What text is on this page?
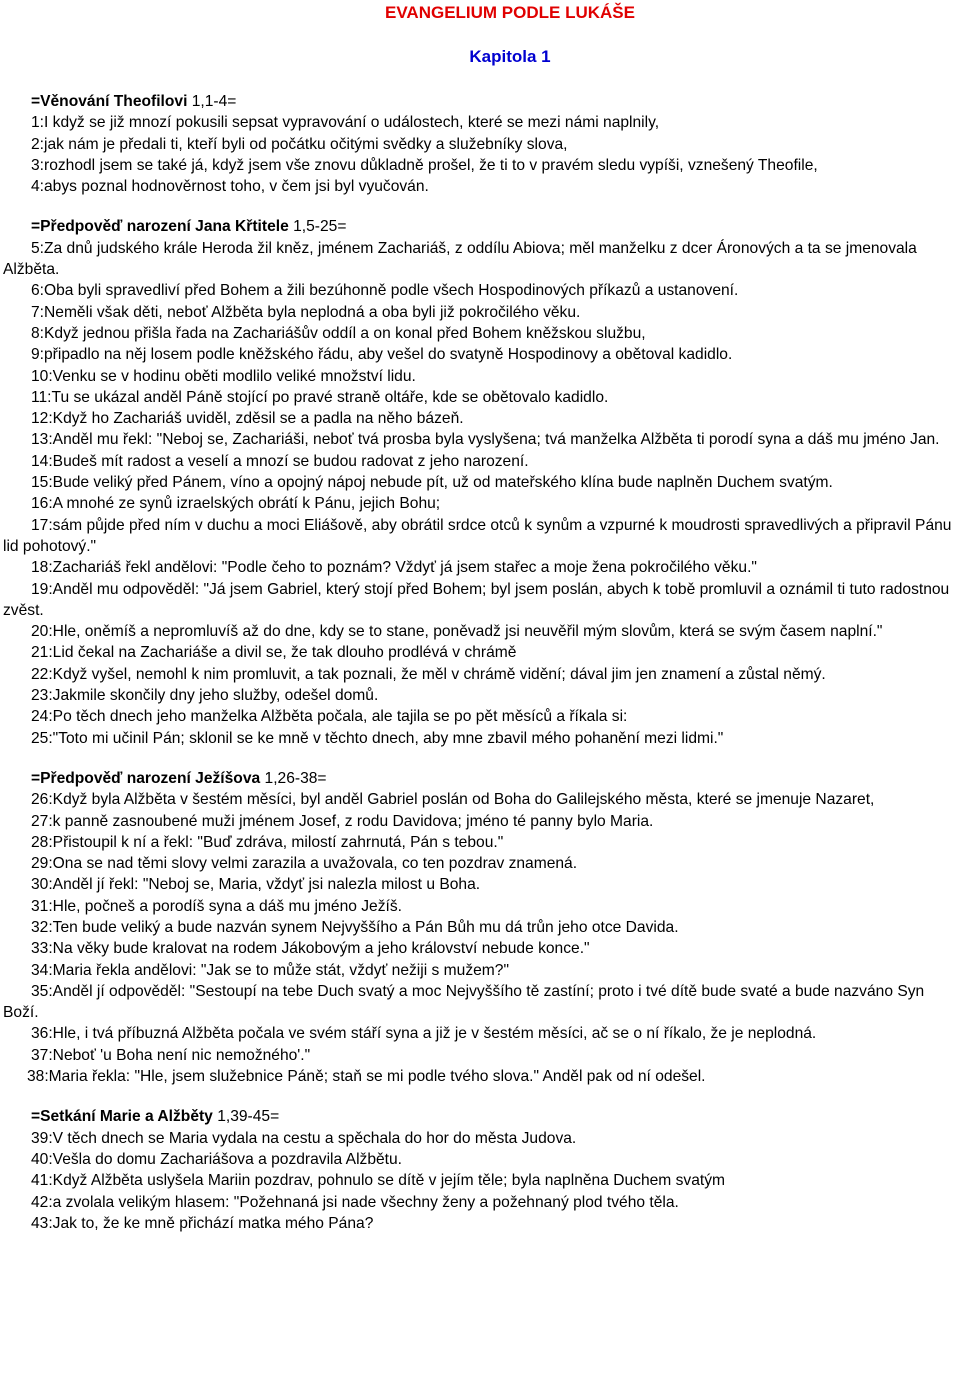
EVANGELIUM PODLE LUKÁŠE
Kapitola 1
=Věnování Theofilovi 1,1-4=
1:I když se již mnozí pokusili sepsat vypravování o událostech, které se mezi námi naplnily,
2:jak nám je předali ti, kteří byli od počátku očitými svědky a služebníky slova,
3:rozhodl jsem se také já, když jsem vše znovu důkladně prošel, že ti to v pravém sledu vypíši, vznešený Theofile,
4:abys poznal hodnověrnost toho, v čem jsi byl vyučován.
=Předpověď narození Jana Křtitele 1,5-25=
5:Za dnů judského krále Heroda žil kněz, jménem Zachariáš, z oddílu Abiova; měl manželku z dcer Áronových a ta se jmenovala Alžběta.
6:Oba byli spravedliví před Bohem a žili bezúhonně podle všech Hospodinových příkazů a ustanovení.
7:Neměli však děti, neboť Alžběta byla neplodná a oba byli již pokročilého věku.
8:Když jednou přišla řada na Zachariášův oddíl a on konal před Bohem kněžskou službu,
9:připadlo na něj losem podle kněžského řádu, aby vešel do svatyně Hospodinovy a obětoval kadidlo.
10:Venku se v hodinu oběti modlilo veliké množství lidu.
11:Tu se ukázal anděl Páně stojící po pravé straně oltáře, kde se obětovalo kadidlo.
12:Když ho Zachariáš uviděl, zděsil se a padla na něho bázeň.
13:Anděl mu řekl: "Neboj se, Zachariáši, neboť tvá prosba byla vyslyšena; tvá manželka Alžběta ti porodí syna a dáš mu jméno Jan.
14:Budeš mít radost a veselí a mnozí se budou radovat z jeho narození.
15:Bude veliký před Pánem, víno a opojný nápoj nebude pít, už od mateřského klína bude naplněn Duchem svatým.
16:A mnohé ze synů izraelských obrátí k Pánu, jejich Bohu;
17:sám půjde před ním v duchu a moci Eliášově, aby obrátil srdce otců k synům a vzpurné k moudrosti spravedlivých a připravil Pánu lid pohotový."
18:Zachariáš řekl andělovi: "Podle čeho to poznám? Vždyť já jsem stařec a moje žena pokročilého věku."
19:Anděl mu odpověděl: "Já jsem Gabriel, který stojí před Bohem; byl jsem poslán, abych k tobě promluvil a oznámil ti tuto radostnou zvěst.
20:Hle, oněmíš a nepromluvíš až do dne, kdy se to stane, poněvadž jsi neuvěřil mým slovům, která se svým časem naplní."
21:Lid čekal na Zachariáše a divil se, že tak dlouho prodlévá v chrámě
22:Když vyšel, nemohl k nim promluvit, a tak poznali, že měl v chrámě vidění; dával jim jen znamení a zůstal němý.
23:Jakmile skončily dny jeho služby, odešel domů.
24:Po těch dnech jeho manželka Alžběta počala, ale tajila se po pět měsíců a říkala si:
25:"Toto mi učinil Pán; sklonil se ke mně v těchto dnech, aby mne zbavil mého pohanění mezi lidmi."
=Předpověď narození Ježíšova 1,26-38=
26:Když byla Alžběta v šestém měsíci, byl anděl Gabriel poslán od Boha do Galilejského města, které se jmenuje Nazaret,
27:k panně zasnoubené muži jménem Josef, z rodu Davidova; jméno té panny bylo Maria.
28:Přistoupil k ní a řekl: "Buď zdráva, milostí zahrnutá, Pán s tebou."
29:Ona se nad těmi slovy velmi zarazila a uvažovala, co ten pozdrav znamená.
30:Anděl jí řekl: "Neboj se, Maria, vždyť jsi nalezla milost u Boha.
31:Hle, počneš a porodíš syna a dáš mu jméno Ježíš.
32:Ten bude veliký a bude nazván synem Nejvyššího a Pán Bůh mu dá trůn jeho otce Davida.
33:Na věky bude kralovat na rodem Jákobovým a jeho království nebude konce."
34:Maria řekla andělovi: "Jak se to může stát, vždyť nežiji s mužem?"
35:Anděl jí odpověděl: "Sestoupí na tebe Duch svatý a moc Nejvyššího tě zastíní; proto i tvé dítě bude svaté a bude nazváno Syn Boží.
36:Hle, i tvá příbuzná Alžběta počala ve svém stáří syna a již je v šestém měsíci, ač se o ní říkalo, že je neplodná.
37:Neboť 'u Boha není nic nemožného'."
38:Maria řekla: "Hle, jsem služebnice Páně; staň se mi podle tvého slova." Anděl pak od ní odešel.
=Setkání Marie a Alžběty 1,39-45=
39:V těch dnech se Maria vydala na cestu a spěchala do hor do města Judova.
40:Vešla do domu Zachariášova a pozdravila Alžbětu.
41:Když Alžběta uslyšela Mariin pozdrav, pohnulo se dítě v jejím těle; byla naplněna Duchem svatým
42:a zvolala velikým hlasem: "Požehnaná jsi nade všechny ženy a požehnaný plod tvého těla.
43:Jak to, že ke mně přichází matka mého Pána?
